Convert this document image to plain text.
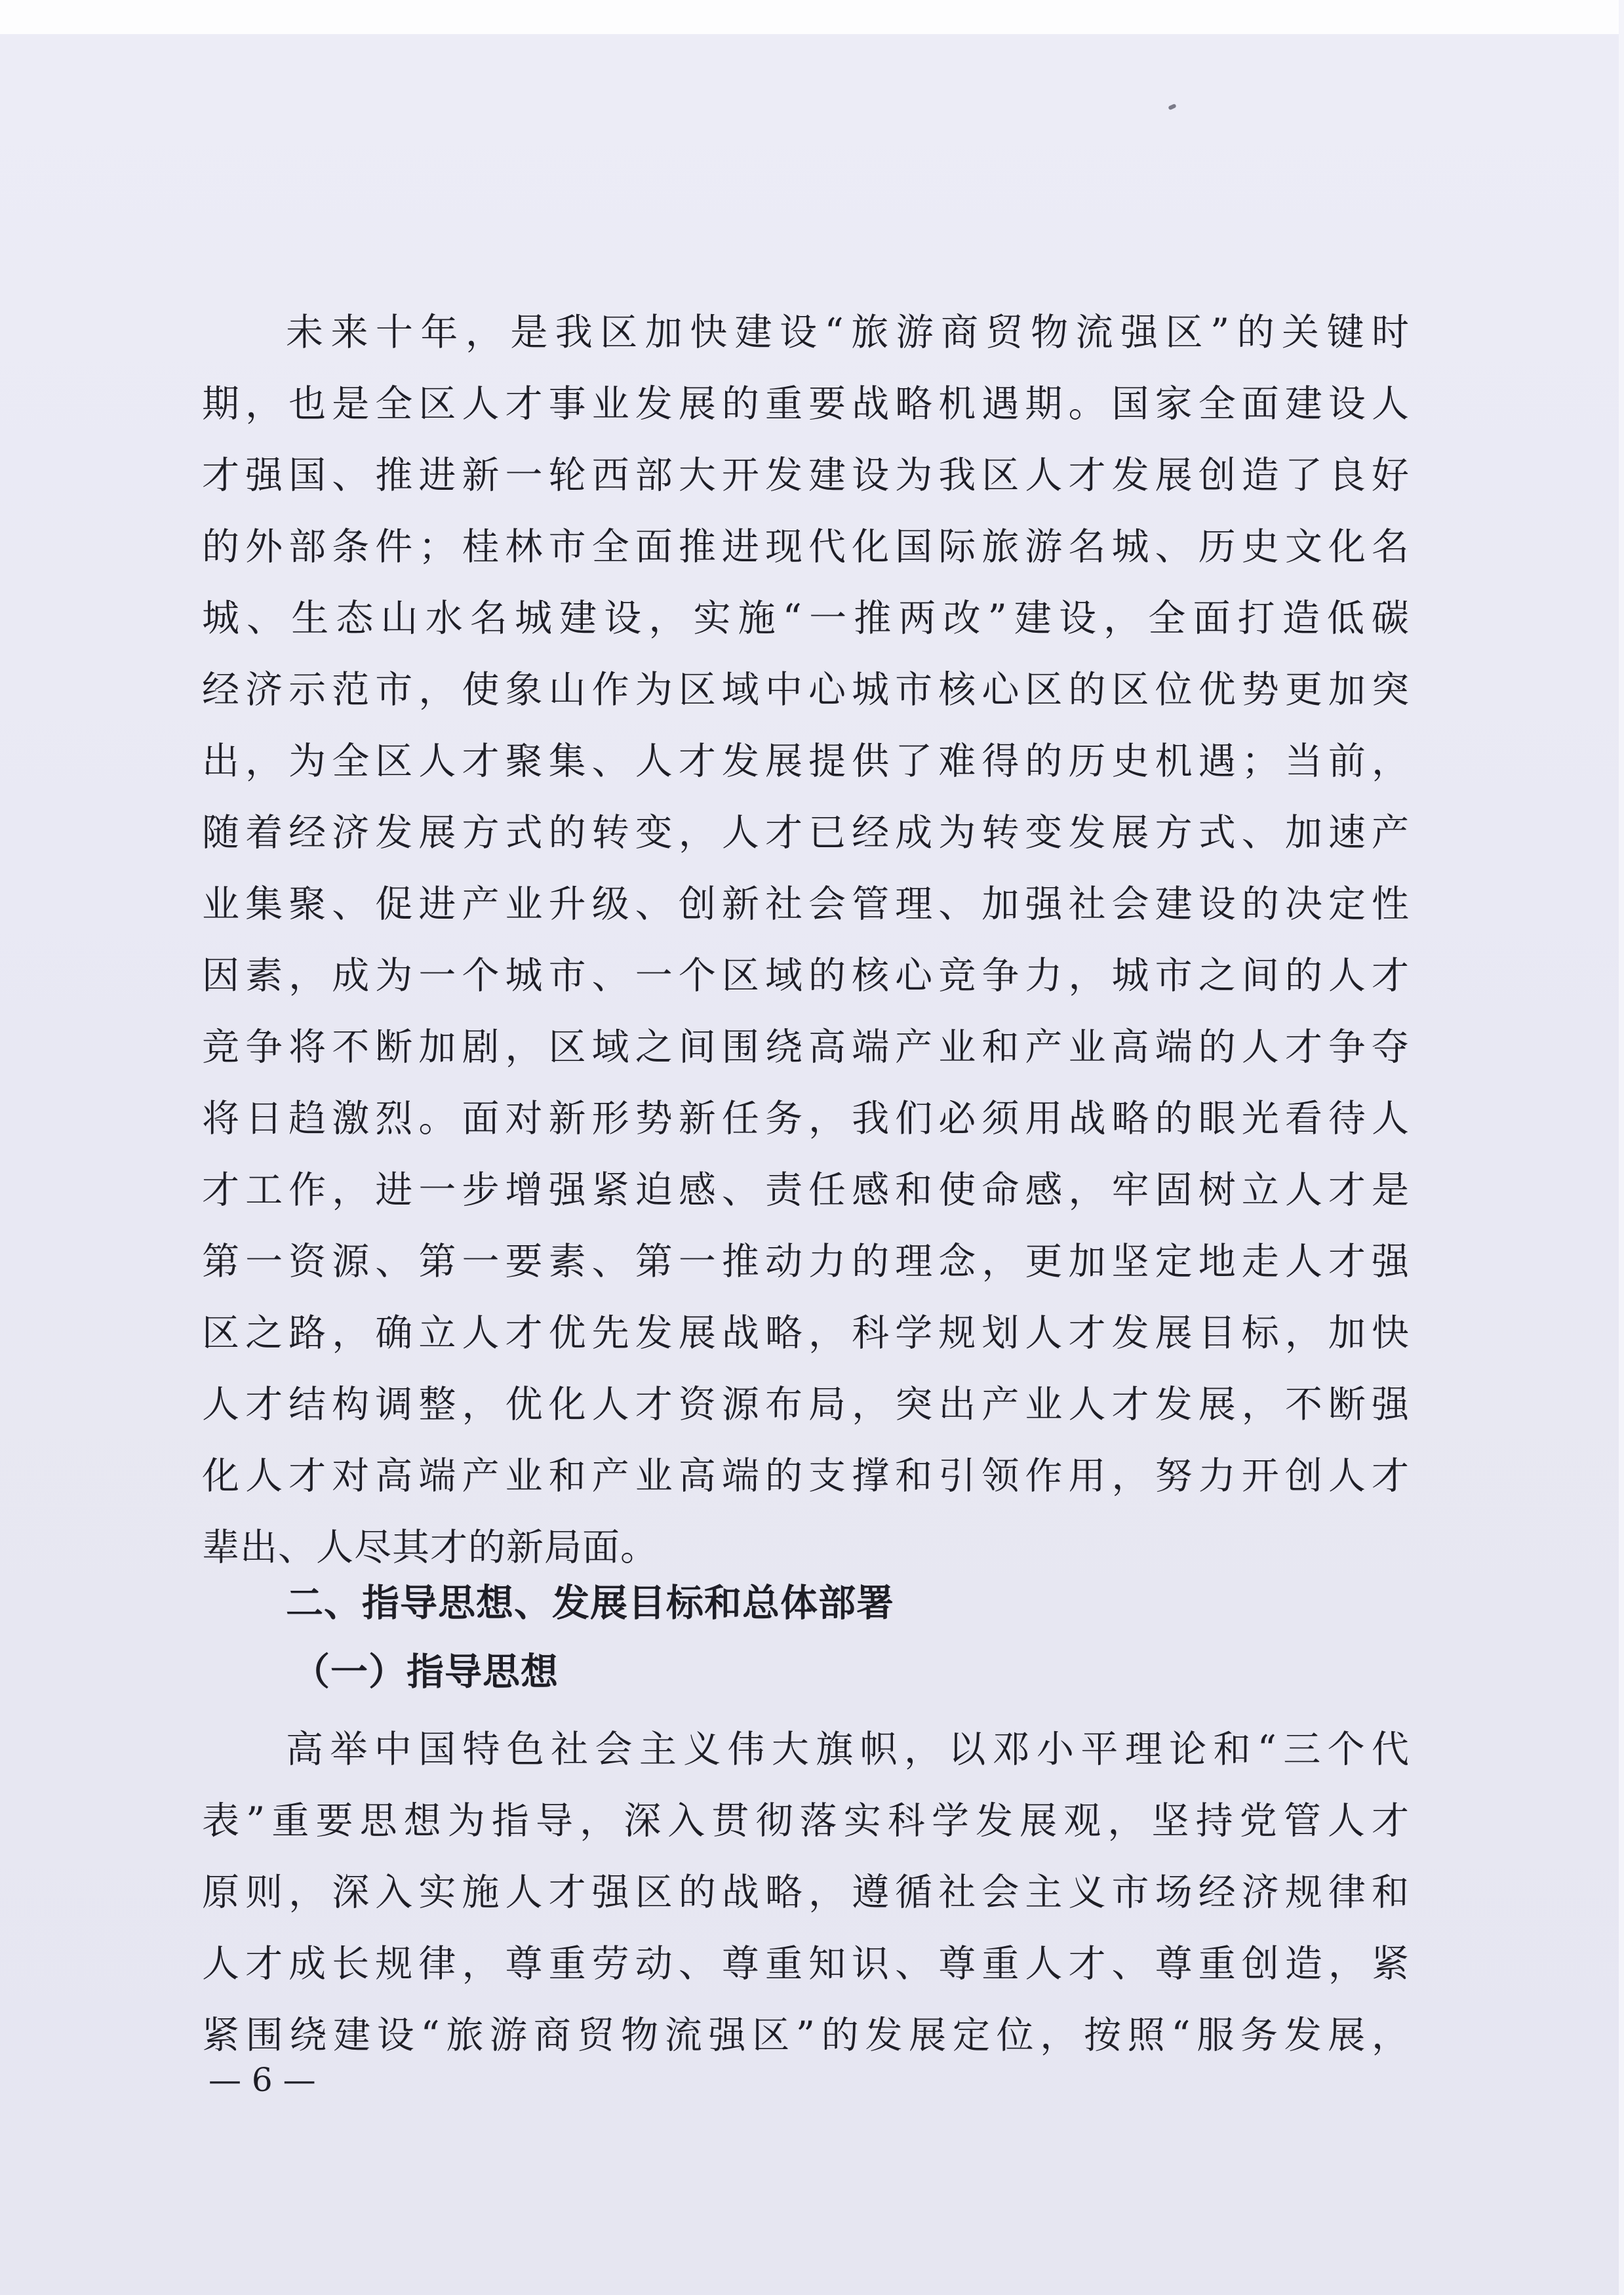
未来十年，是我区加快建设“旅游商贸物流强区”的关键时
期，也是全区人才事业发展的重要战略机遇期。国家全面建设人
才强国、推进新一轮西部大开发建设为我区人才发展创造了良好
的外部条件；桂林市全面推进现代化国际旅游名城、历史文化名
城、生态山水名城建设，实施“一推两改”建设，全面打造低碳
经济示范市，使象山作为区域中心城市核心区的区位优势更加突
出，为全区人才聚集、人才发展提供了难得的历史机遇；当前，
随着经济发展方式的转变，人才已经成为转变发展方式、加速产
业集聚、促进产业升级、创新社会管理、加强社会建设的决定性
因素，成为一个城市、一个区域的核心竞争力，城市之间的人才
竞争将不断加剧，区域之间围绕高端产业和产业高端的人才争夺
将日趋激烈。面对新形势新任务，我们必须用战略的眼光看待人
才工作，进一步增强紧迫感、责任感和使命感，牢固树立人才是
第一资源、第一要素、第一推动力的理念，更加坚定地走人才强
区之路，确立人才优先发展战略，科学规划人才发展目标，加快
人才结构调整，优化人才资源布局，突出产业人才发展，不断强
化人才对高端产业和产业高端的支撑和引领作用，努力开创人才
辈出、人尽其才的新局面。
二、指导思想、发展目标和总体部署
（一）指导思想
高举中国特色社会主义伟大旗帜，以邓小平理论和“三个代
表”重要思想为指导，深入贯彻落实科学发展观，坚持党管人才
原则，深入实施人才强区的战略，遵循社会主义市场经济规律和
人才成长规律，尊重劳动、尊重知识、尊重人才、尊重创造，紧
紧围绕建设“旅游商贸物流强区”的发展定位，按照“服务发展，
— 6 —
